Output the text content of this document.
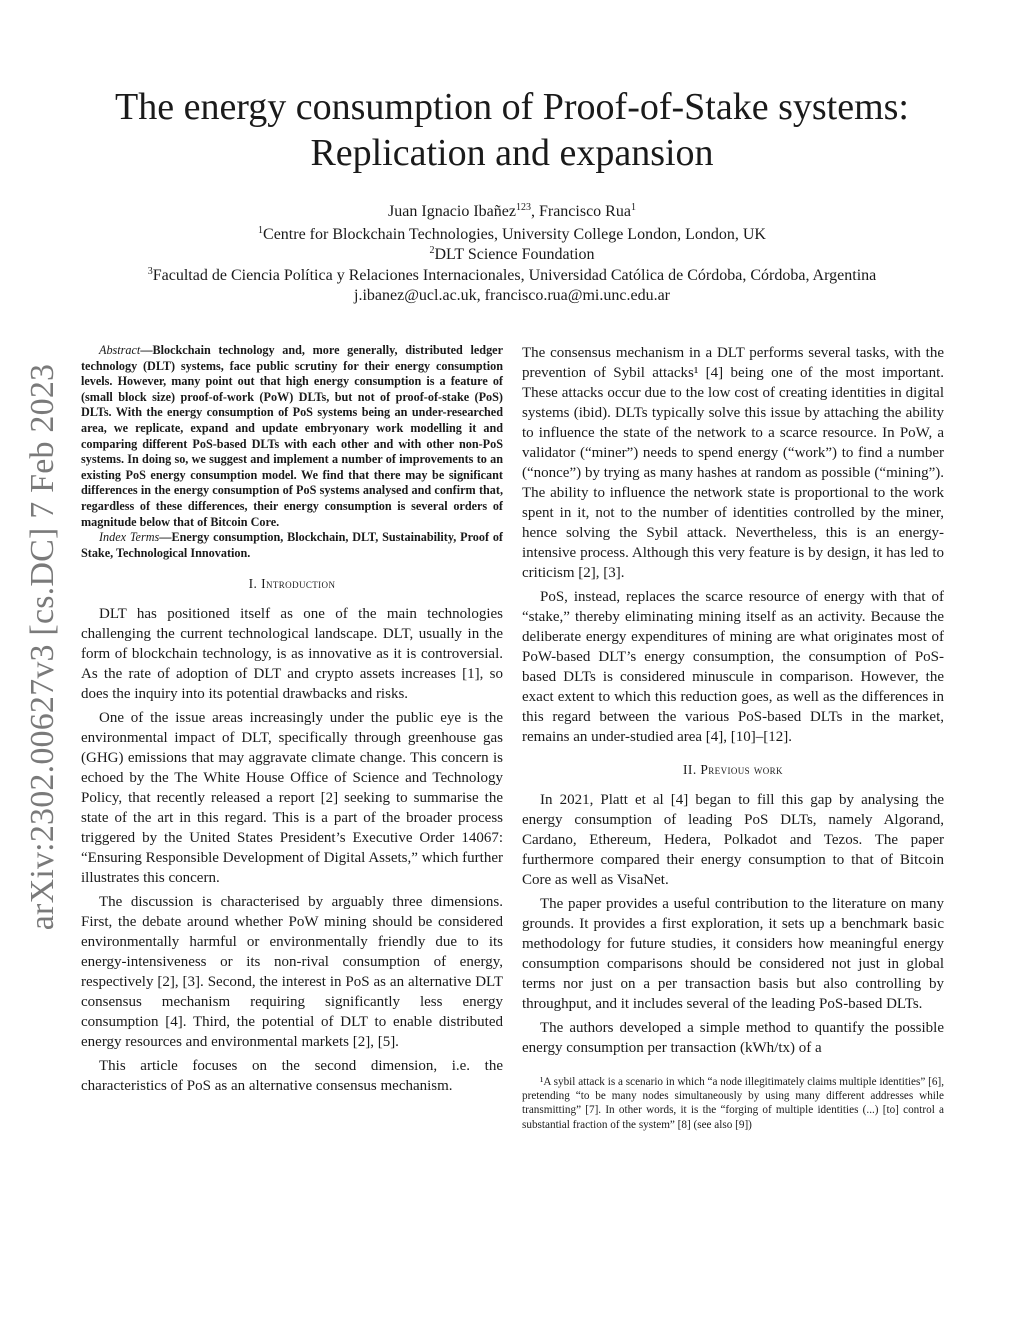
arXiv:2302.00627v3 [cs.DC] 7 Feb 2023
The energy consumption of Proof-of-Stake systems:
Replication and expansion
Juan Ignacio Ibañez$^{123}$, Francisco Rua$^1$
$^1$Centre for Blockchain Technologies, University College London, London, UK
$^2$DLT Science Foundation
$^3$Facultad de Ciencia Política y Relaciones Internacionales, Universidad Católica de Córdoba, Córdoba, Argentina
j.ibanez@ucl.ac.uk, francisco.rua@mi.unc.edu.ar

Abstract—Blockchain technology and, more generally, distributed ledger technology (DLT) systems, face public scrutiny for their energy consumption levels. However, many point out that high energy consumption is a feature of (small block size) proof-of-work (PoW) DLTs, but not of proof-of-stake (PoS) DLTs. With the energy consumption of PoS systems being an under-researched area, we replicate, expand and update embryonary work modelling it and comparing different PoS-based DLTs with each other and with other non-PoS systems. In doing so, we suggest and implement a number of improvements to an existing PoS energy consumption model. We find that there may be significant differences in the energy consumption of PoS systems analysed and confirm that, regardless of these differences, their energy consumption is several orders of magnitude below that of Bitcoin Core.

Index Terms—Energy consumption, Blockchain, DLT, Sustainability, Proof of Stake, Technological Innovation.

I. Introduction

DLT has positioned itself as one of the main technologies challenging the current technological landscape. DLT, usually in the form of blockchain technology, is as innovative as it is controversial. As the rate of adoption of DLT and crypto assets increases [1], so does the inquiry into its potential drawbacks and risks.

One of the issue areas increasingly under the public eye is the environmental impact of DLT, specifically through greenhouse gas (GHG) emissions that may aggravate climate change. This concern is echoed by the The White House Office of Science and Technology Policy, that recently released a report [2] seeking to summarise the state of the art in this regard. This is a part of the broader process triggered by the United States President’s Executive Order 14067: “Ensuring Responsible Development of Digital Assets,” which further illustrates this concern.

The discussion is characterised by arguably three dimensions. First, the debate around whether PoW mining should be considered environmentally harmful or environmentally friendly due to its energy-intensiveness or its non-rival consumption of energy, respectively [2], [3]. Second, the interest in PoS as an alternative DLT consensus mechanism requiring significantly less energy consumption [4]. Third, the potential of DLT to enable distributed energy resources and environmental markets [2], [5].

This article focuses on the second dimension, i.e. the characteristics of PoS as an alternative consensus mechanism.

The consensus mechanism in a DLT performs several tasks, with the prevention of Sybil attacks¹ [4] being one of the most important. These attacks occur due to the low cost of creating identities in digital systems (ibid). DLTs typically solve this issue by attaching the ability to influence the state of the network to a scarce resource. In PoW, a validator (“miner”) needs to spend energy (“work”) to find a number (“nonce”) by trying as many hashes at random as possible (“mining”). The ability to influence the network state is proportional to the work spent in it, not to the number of identities controlled by the miner, hence solving the Sybil attack. Nevertheless, this is an energy-intensive process. Although this very feature is by design, it has led to criticism [2], [3].

PoS, instead, replaces the scarce resource of energy with that of “stake,” thereby eliminating mining itself as an activity. Because the deliberate energy expenditures of mining are what originates most of PoW-based DLT’s energy consumption, the consumption of PoS-based DLTs is considered minuscule in comparison. However, the exact extent to which this reduction goes, as well as the differences in this regard between the various PoS-based DLTs in the market, remains an under-studied area [4], [10]–[12].

II. Previous work

In 2021, Platt et al [4] began to fill this gap by analysing the energy consumption of leading PoS DLTs, namely Algorand, Cardano, Ethereum, Hedera, Polkadot and Tezos. The paper furthermore compared their energy consumption to that of Bitcoin Core as well as VisaNet.

The paper provides a useful contribution to the literature on many grounds. It provides a first exploration, it sets up a benchmark basic methodology for future studies, it considers how meaningful energy consumption comparisons should be considered not just in global terms nor just on a per transaction basis but also controlling by throughput, and it includes several of the leading PoS-based DLTs.

The authors developed a simple method to quantify the possible energy consumption per transaction (kWh/tx) of a

¹A sybil attack is a scenario in which “a node illegitimately claims multiple identities” [6], pretending “to be many nodes simultaneously by using many different addresses while transmitting” [7]. In other words, it is the “forging of multiple identities (...) [to] control a substantial fraction of the system” [8] (see also [9])
